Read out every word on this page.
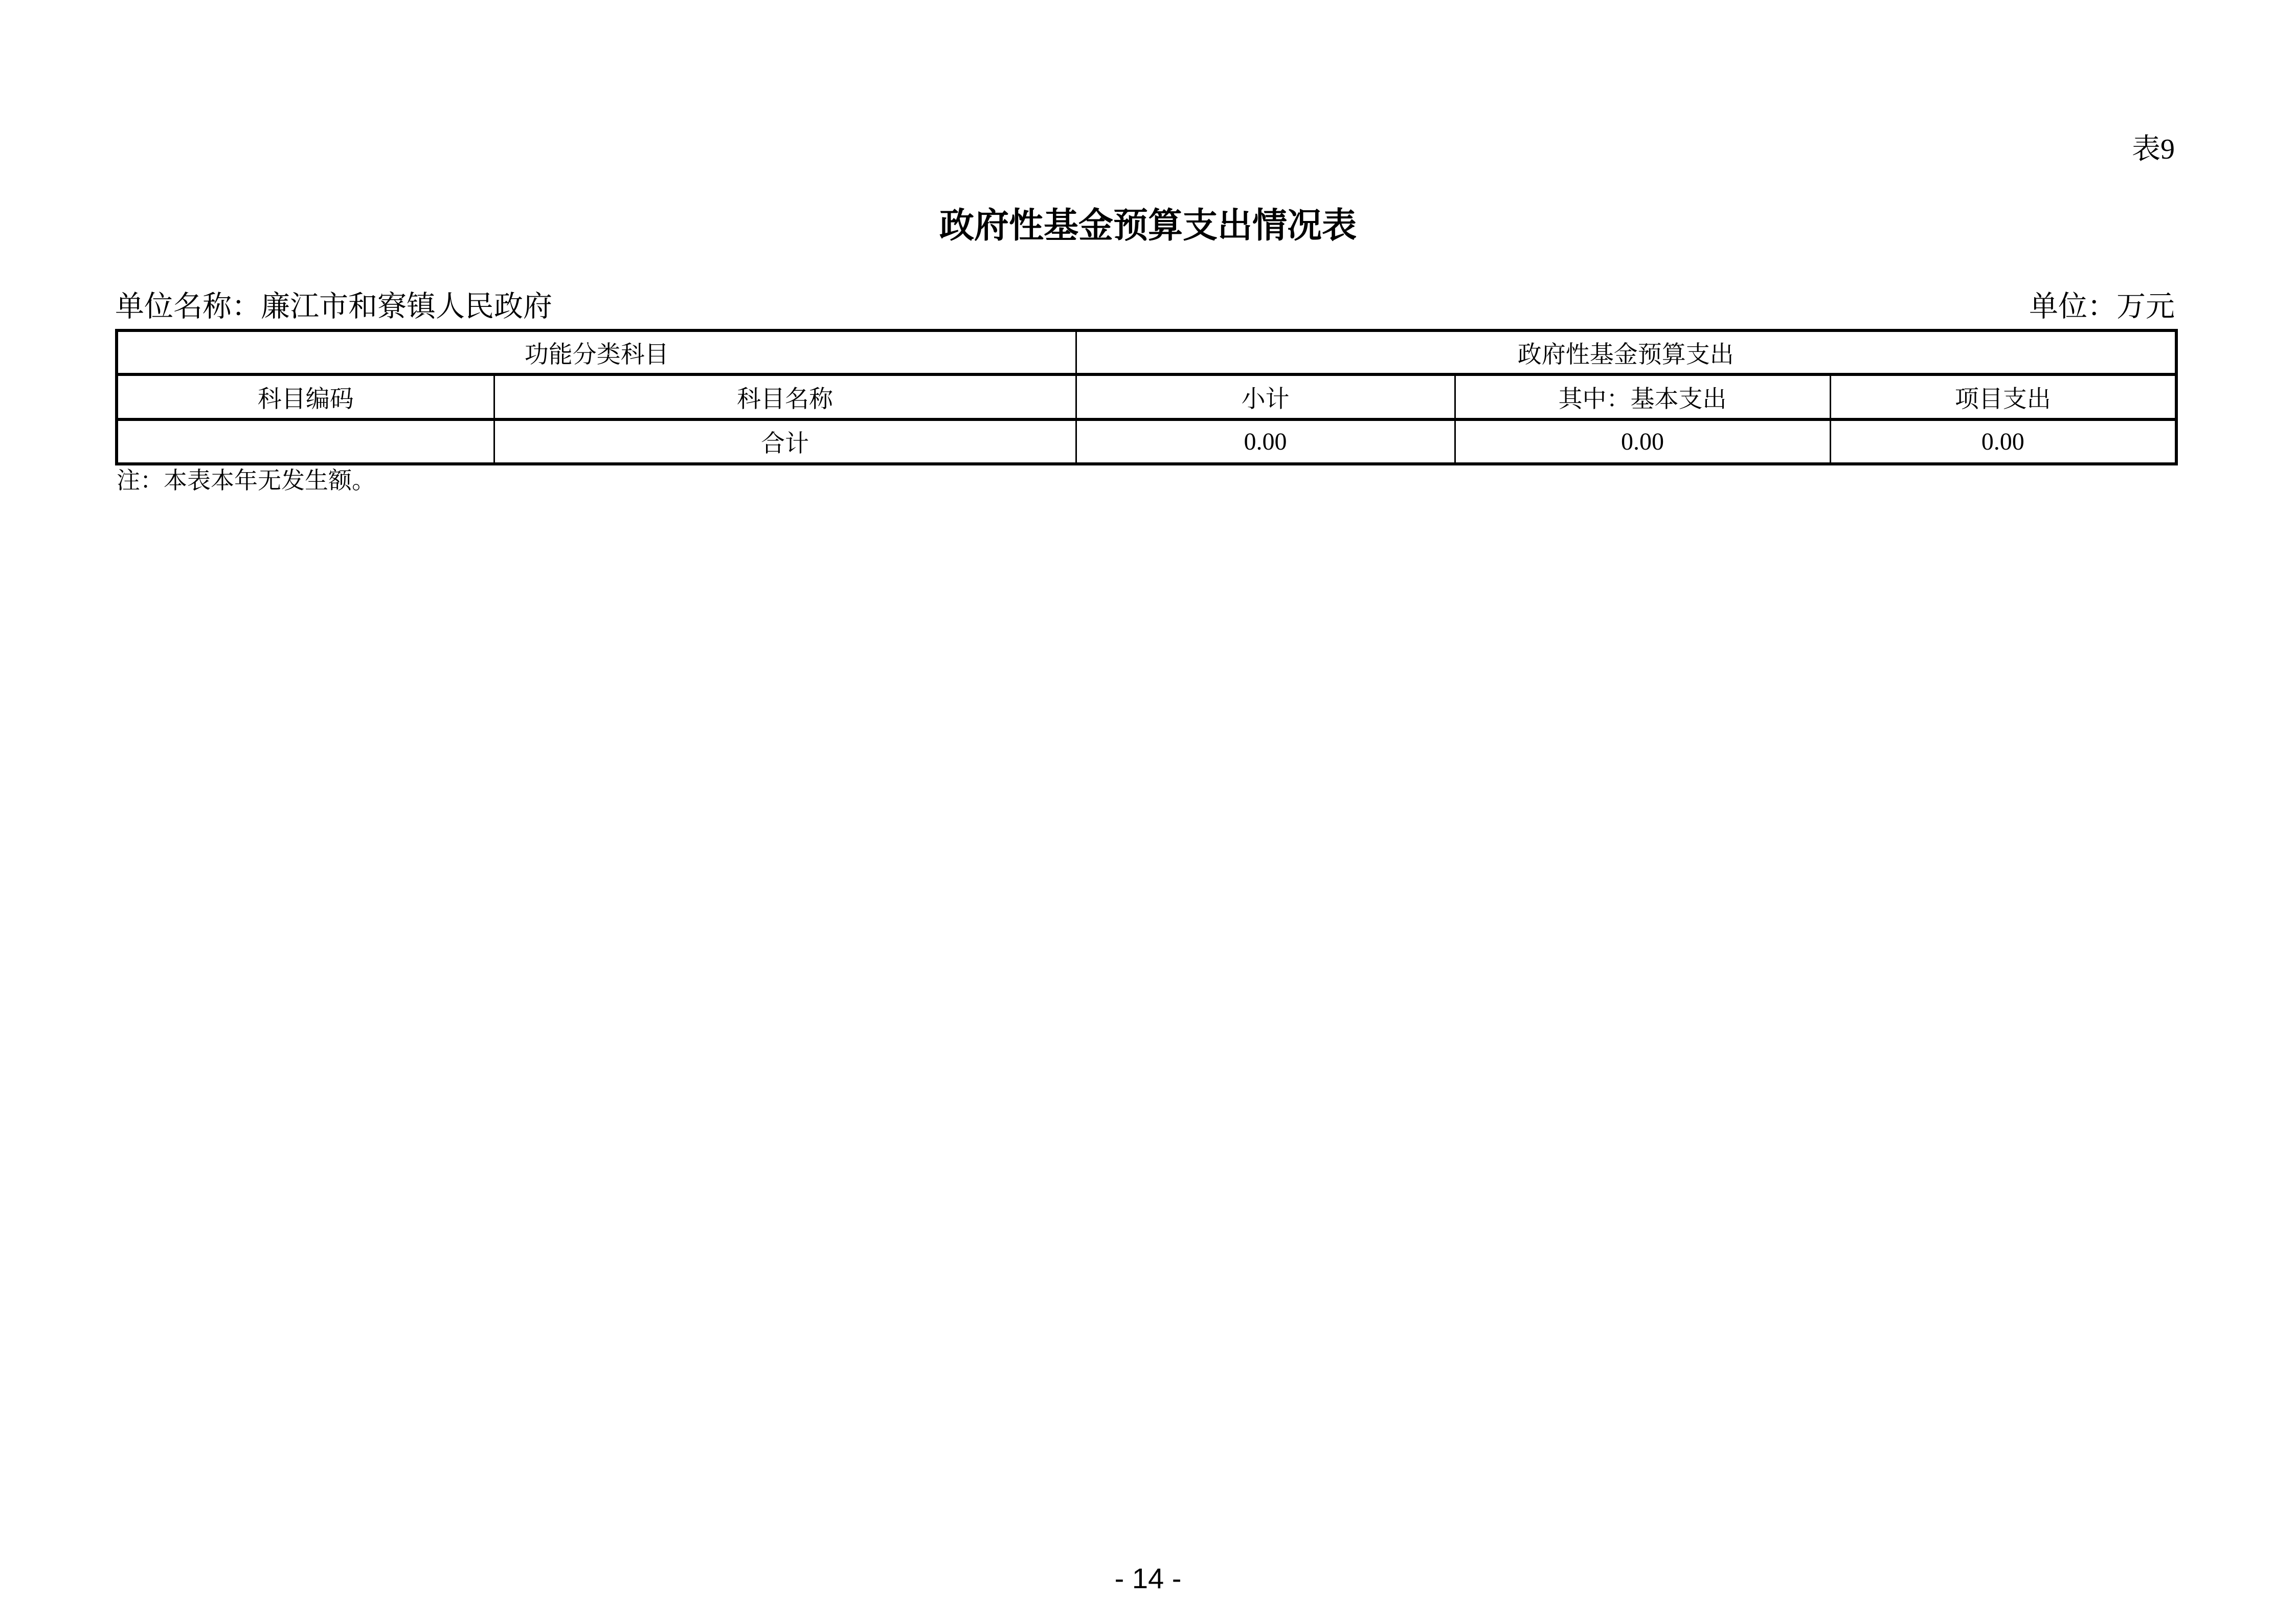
表9
政府性基金预算支出情况表
单位名称：廉江市和寮镇人民政府	单位：万元
功能分类科目		政府性基金预算支出		
科目编码	科目名称	小计	其中：基本支出	项目支出
	合计	0.00	0.00	0.00
注：本表本年无发生额。
- 14 -
